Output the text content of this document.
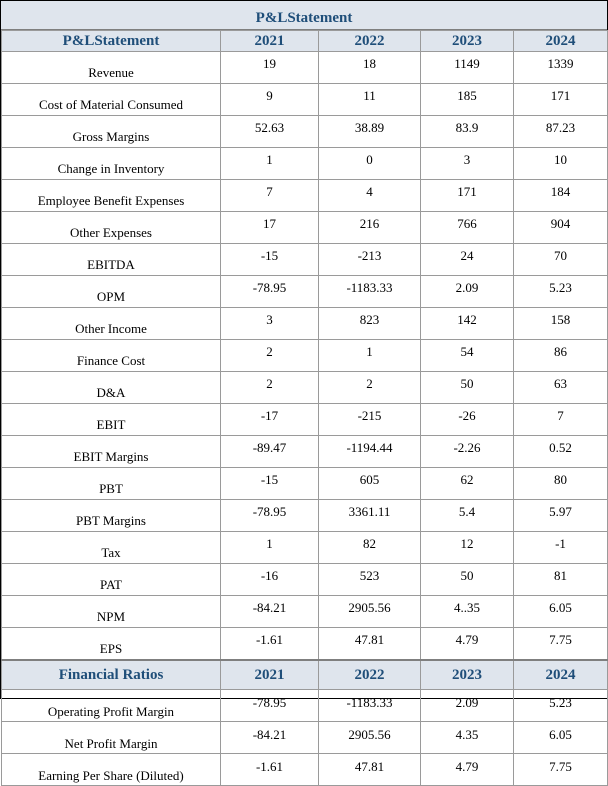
P&LStatement
P&LStatement	2021	2022	2023	2024
Revenue	19	18	1149	1339
Cost of Material Consumed	9	11	185	171
Gross Margins	52.63	38.89	83.9	87.23
Change in Inventory	1	0	3	10
Employee Benefit Expenses	7	4	171	184
Other Expenses	17	216	766	904
EBITDA	-15	-213	24	70
OPM	-78.95	-1183.33	2.09	5.23
Other Income	3	823	142	158
Finance Cost	2	1	54	86
D&A	2	2	50	63
EBIT	-17	-215	-26	7
EBIT Margins	-89.47	-1194.44	-2.26	0.52
PBT	-15	605	62	80
PBT Margins	-78.95	3361.11	5.4	5.97
Tax	1	82	12	-1
PAT	-16	523	50	81
NPM	-84.21	2905.56	4..35	6.05
EPS	-1.61	47.81	4.79	7.75
Financial Ratios	2021	2022	2023	2024
Operating Profit Margin	-78.95	-1183.33	2.09	5.23
Net Profit Margin	-84.21	2905.56	4.35	6.05
Earning Per Share (Diluted)	-1.61	47.81	4.79	7.75
